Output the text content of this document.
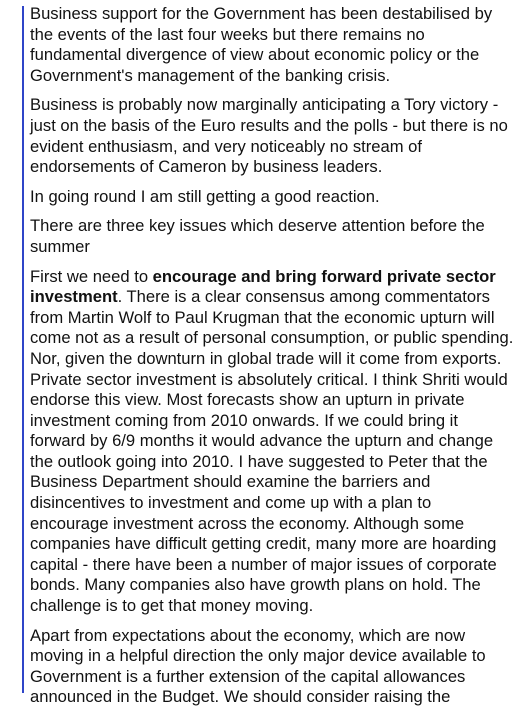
Business support for the Government has been destabilised by the events of the last four weeks but there remains no fundamental divergence of view about economic policy or the Government's management of the banking crisis.

Business is probably now marginally anticipating a Tory victory - just on the basis of the Euro results and the polls - but there is no evident enthusiasm, and very noticeably no stream of endorsements of Cameron by business leaders.

In going round I am still getting a good reaction.

There are three key issues which deserve attention before the summer

First we need to encourage and bring forward private sector investment. There is a clear consensus among commentators from Martin Wolf to Paul Krugman that the economic upturn will come not as a result of personal consumption, or public spending. Nor, given the downturn in global trade will it come from exports. Private sector investment is absolutely critical. I think Shriti would endorse this view. Most forecasts show an upturn in private investment coming from 2010 onwards. If we could bring it forward by 6/9 months it would advance the upturn and change the outlook going into 2010. I have suggested to Peter that the Business Department should examine the barriers and disincentives to investment and come up with a plan to encourage investment across the economy. Although some companies have difficult getting credit, many more are hoarding capital - there have been a number of major issues of corporate bonds. Many companies also have growth plans on hold. The challenge is to get that money moving.

Apart from expectations about the economy, which are now moving in a helpful direction the only major device available to Government is a further extension of the capital allowances announced in the Budget. We should consider raising the
